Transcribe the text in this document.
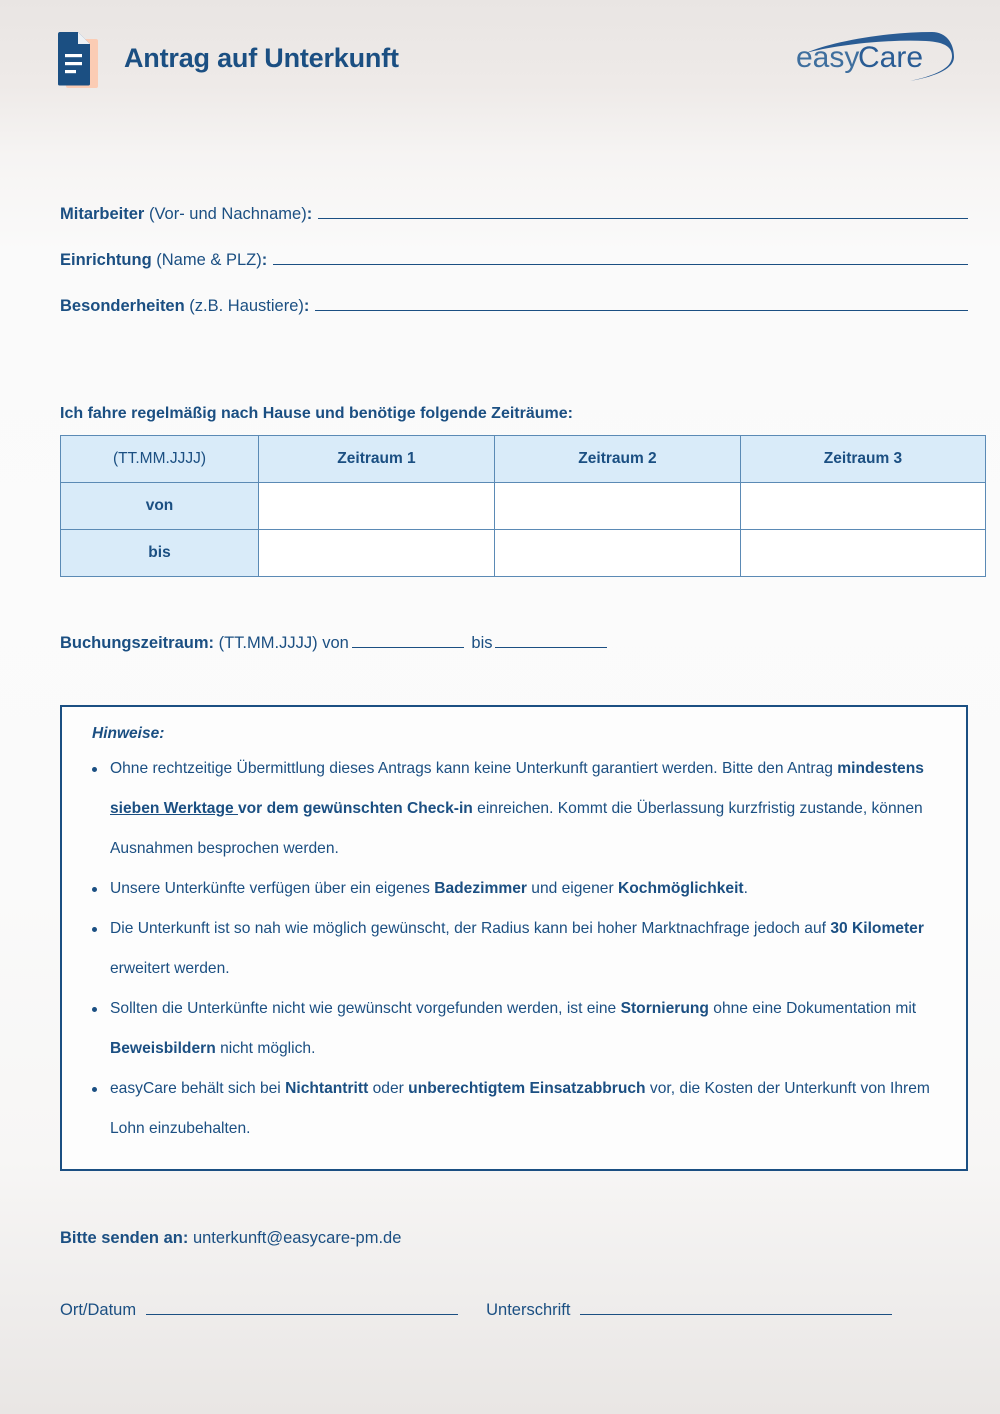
Antrag auf Unterkunft	easy
Care
Mitarbeiter (Vor- und Nachname):
Einrichtung (Name & PLZ):
Besonderheiten (z.B. Haustiere):
Ich fahre regelmäßig nach Hause und benötige folgende Zeiträume:
(TT.MM.JJJJ)	Zeitraum 1	Zeitraum 2	Zeitraum 3
von			
bis			
Buchungszeitraum: (TT.MM.JJJJ) von	bis
Hinweise:
Ohne rechtzeitige Übermittlung dieses Antrags kann keine Unterkunft garantiert werden. Bitte den Antrag mindestens sieben Werktage vor dem gewünschten Check-in einreichen. Kommt die Überlassung kurzfristig zustande, können Ausnahmen besprochen werden.
Unsere Unterkünfte verfügen über ein eigenes Badezimmer und eigener Kochmöglichkeit.
Die Unterkunft ist so nah wie möglich gewünscht, der Radius kann bei hoher Marktnachfrage jedoch auf 30 Kilometer erweitert werden.
Sollten die Unterkünfte nicht wie gewünscht vorgefunden werden, ist eine Stornierung ohne eine Dokumentation mit Beweisbildern nicht möglich.
easyCare behält sich bei Nichtantritt oder unberechtigtem Einsatzabbruch vor, die Kosten der Unterkunft von Ihrem Lohn einzubehalten.
Bitte senden an: unterkunft@easycare-pm.de
Ort/Datum	Unterschrift
